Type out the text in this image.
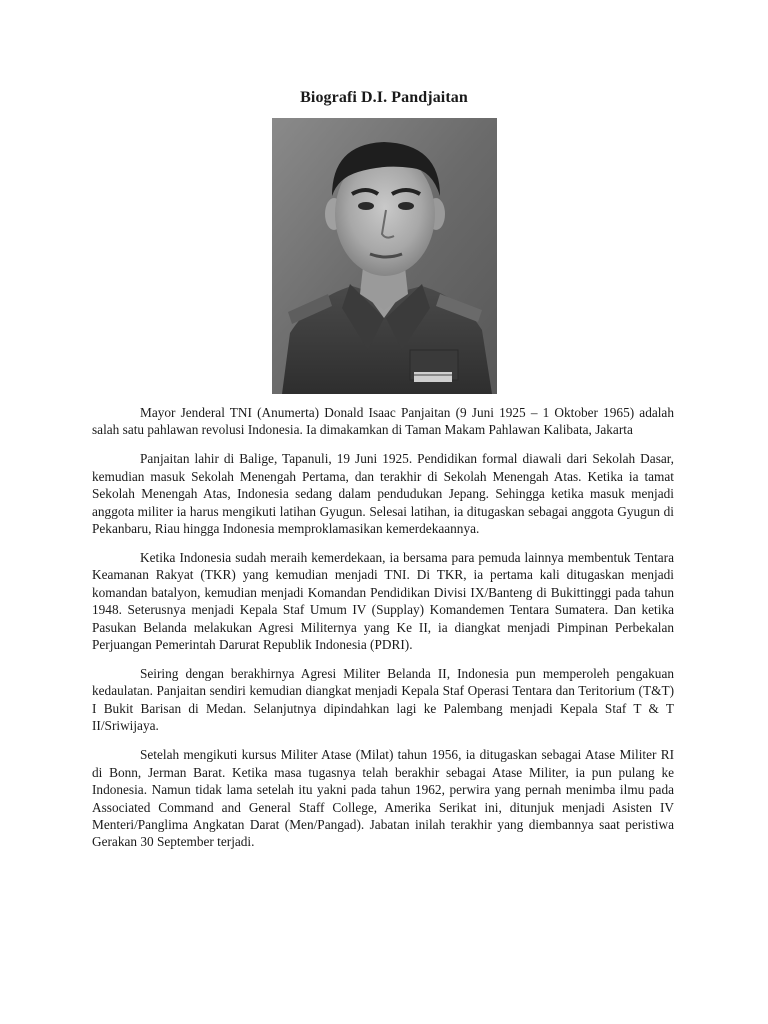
Biografi D.I. Pandjaitan

Mayor Jenderal TNI (Anumerta) Donald Isaac Panjaitan (9 Juni 1925 – 1 Oktober 1965) adalah salah satu pahlawan revolusi Indonesia. Ia dimakamkan di Taman Makam Pahlawan Kalibata, Jakarta

Panjaitan lahir di Balige, Tapanuli, 19 Juni 1925. Pendidikan formal diawali dari Sekolah Dasar, kemudian masuk Sekolah Menengah Pertama, dan terakhir di Sekolah Menengah Atas. Ketika ia tamat Sekolah Menengah Atas, Indonesia sedang dalam pendudukan Jepang. Sehingga ketika masuk menjadi anggota militer ia harus mengikuti latihan Gyugun. Selesai latihan, ia ditugaskan sebagai anggota Gyugun di Pekanbaru, Riau hingga Indonesia memproklamasikan kemerdekaannya.

Ketika Indonesia sudah meraih kemerdekaan, ia bersama para pemuda lainnya membentuk Tentara Keamanan Rakyat (TKR) yang kemudian menjadi TNI. Di TKR, ia pertama kali ditugaskan menjadi komandan batalyon, kemudian menjadi Komandan Pendidikan Divisi IX/Banteng di Bukittinggi pada tahun 1948. Seterusnya menjadi Kepala Staf Umum IV (Supplay) Komandemen Tentara Sumatera. Dan ketika Pasukan Belanda melakukan Agresi Militernya yang Ke II, ia diangkat menjadi Pimpinan Perbekalan Perjuangan Pemerintah Darurat Republik Indonesia (PDRI).

Seiring dengan berakhirnya Agresi Militer Belanda II, Indonesia pun memperoleh pengakuan kedaulatan. Panjaitan sendiri kemudian diangkat menjadi Kepala Staf Operasi Tentara dan Teritorium (T&T) I Bukit Barisan di Medan. Selanjutnya dipindahkan lagi ke Palembang menjadi Kepala Staf T & T II/Sriwijaya.

Setelah mengikuti kursus Militer Atase (Milat) tahun 1956, ia ditugaskan sebagai Atase Militer RI di Bonn, Jerman Barat. Ketika masa tugasnya telah berakhir sebagai Atase Militer, ia pun pulang ke Indonesia. Namun tidak lama setelah itu yakni pada tahun 1962, perwira yang pernah menimba ilmu pada Associated Command and General Staff College, Amerika Serikat ini, ditunjuk menjadi Asisten IV Menteri/Panglima Angkatan Darat (Men/Pangad). Jabatan inilah terakhir yang diembannya saat peristiwa Gerakan 30 September terjadi.
